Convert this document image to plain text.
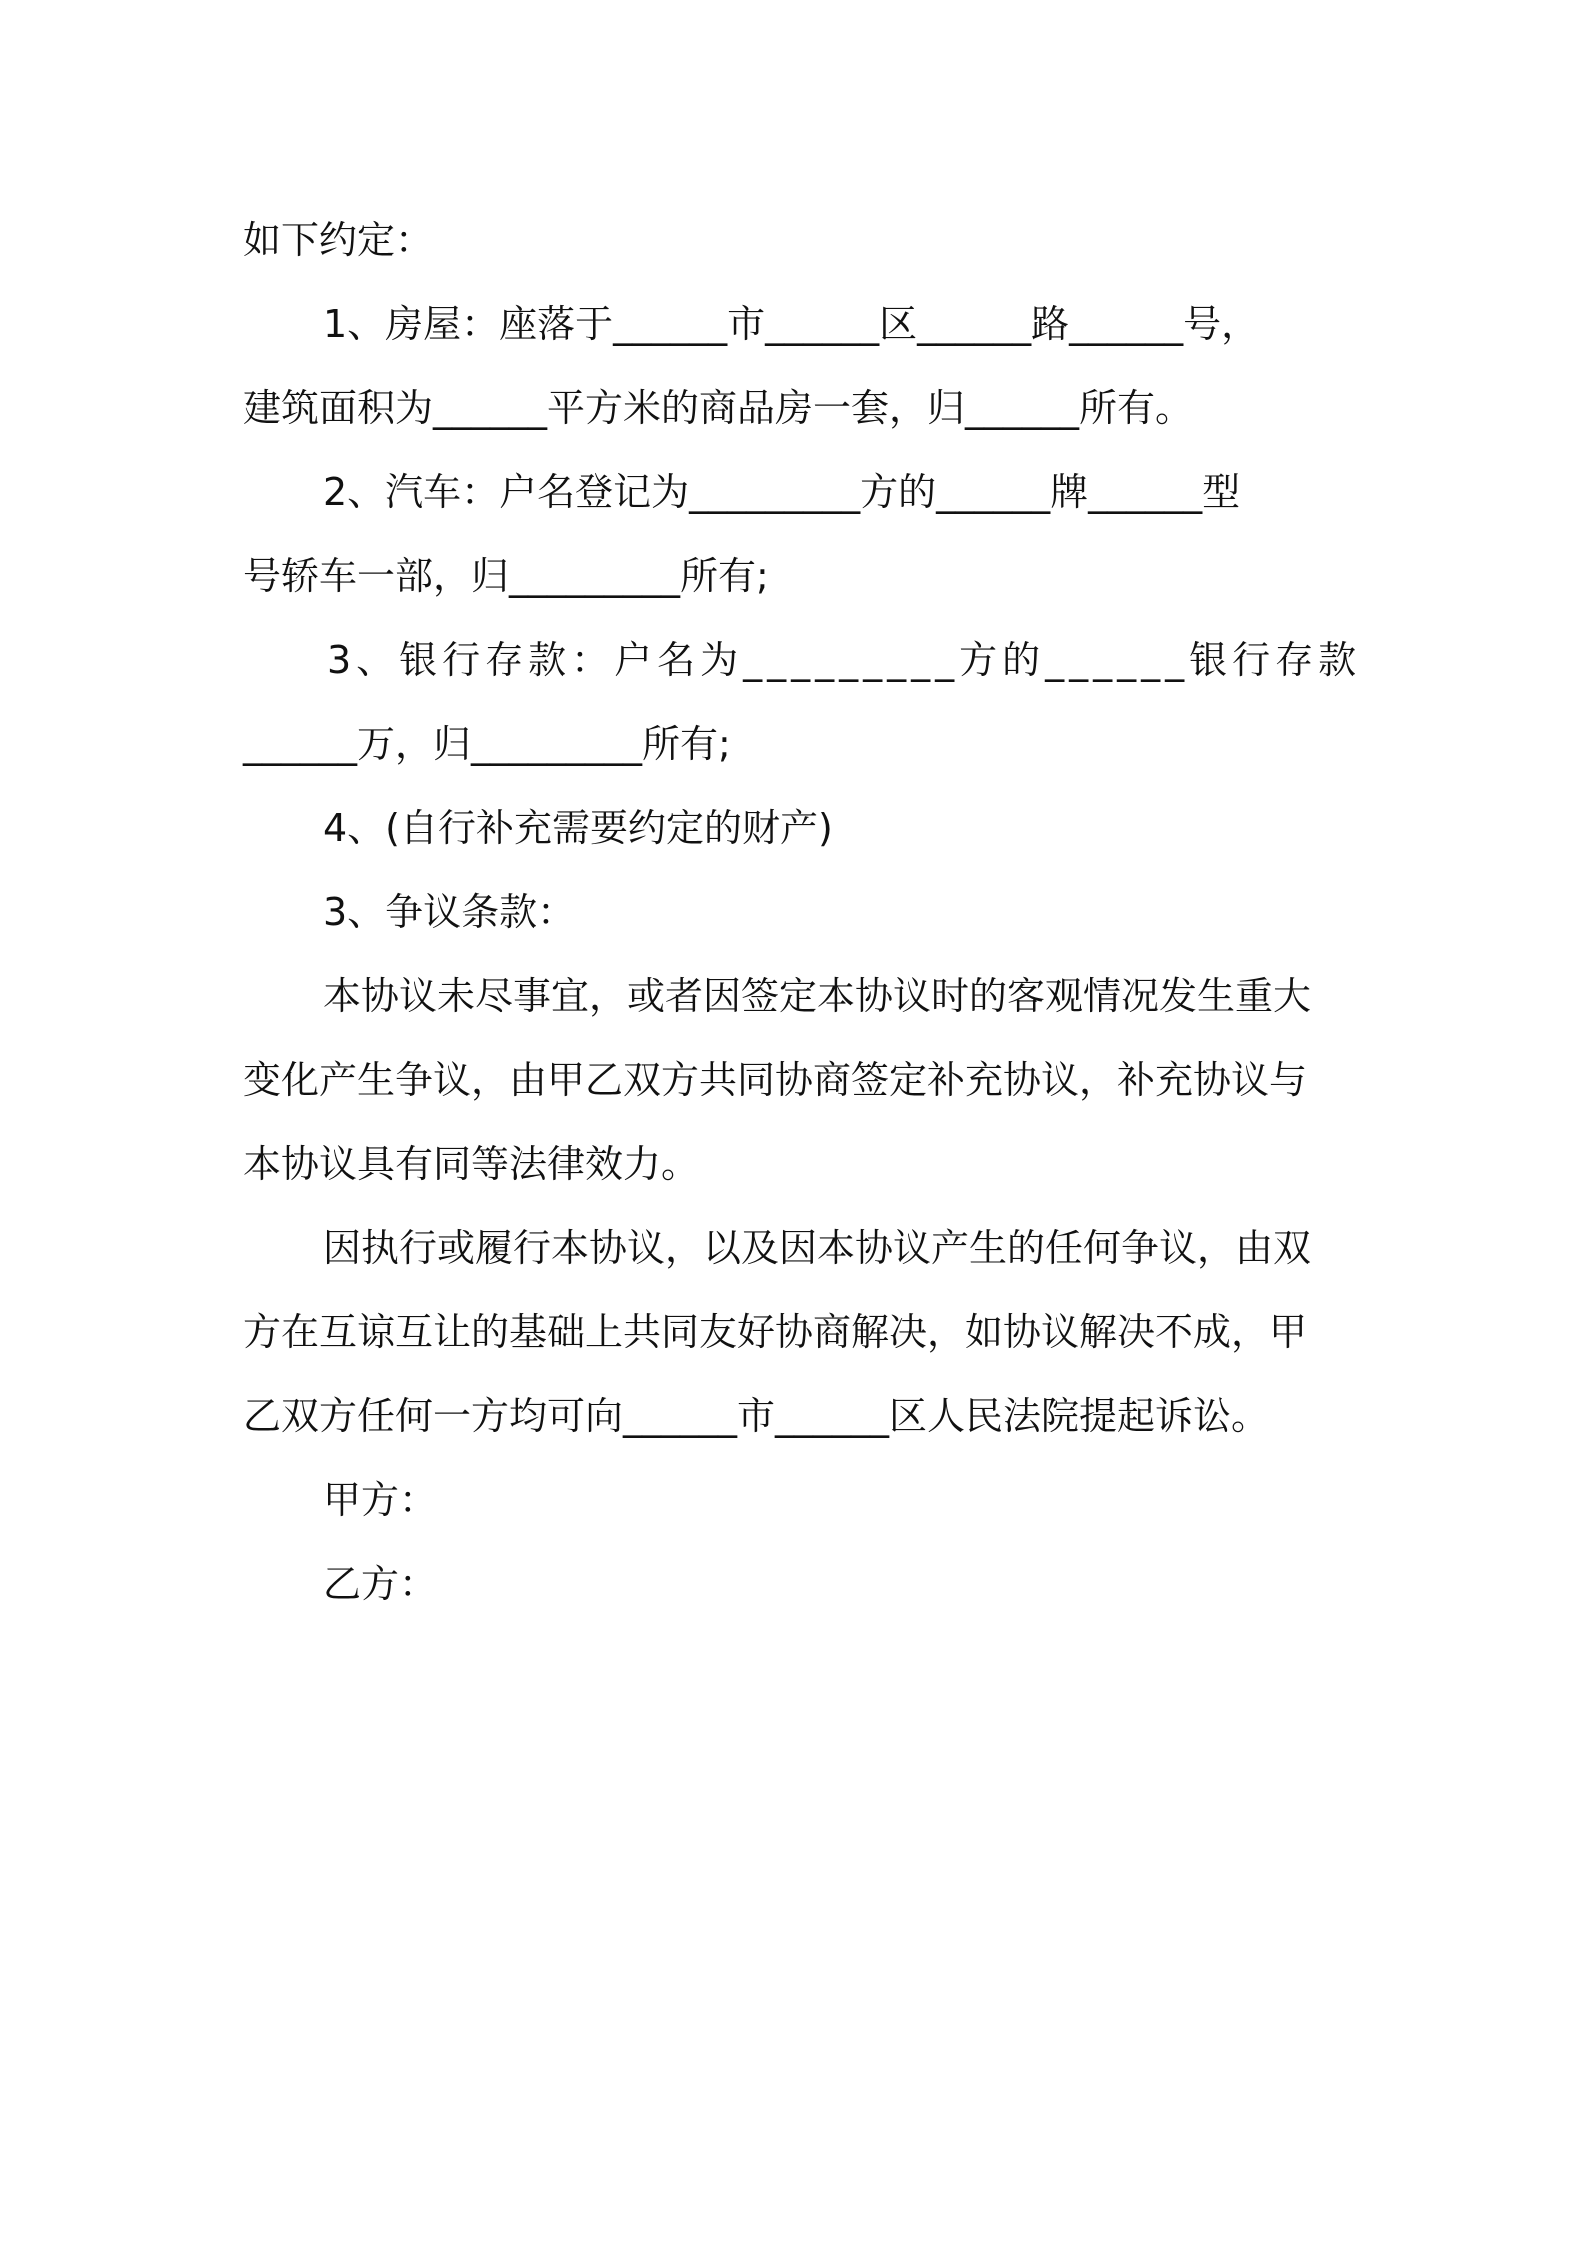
如下约定：

1、房屋：座落于______市______区______路______号，

建筑面积为______平方米的商品房一套，归______所有。

2、汽车：户名登记为_________方的______牌______型

号轿车一部，归_________所有;

3、银行存款：户名为_________方的______银行存款

______万，归_________所有;

4、(自行补充需要约定的财产)

3、争议条款：

本协议未尽事宜，或者因签定本协议时的客观情况发生重大

变化产生争议，由甲乙双方共同协商签定补充协议，补充协议与

本协议具有同等法律效力。

因执行或履行本协议，以及因本协议产生的任何争议，由双

方在互谅互让的基础上共同友好协商解决，如协议解决不成，甲

乙双方任何一方均可向______市______区人民法院提起诉讼。

甲方：

乙方：
